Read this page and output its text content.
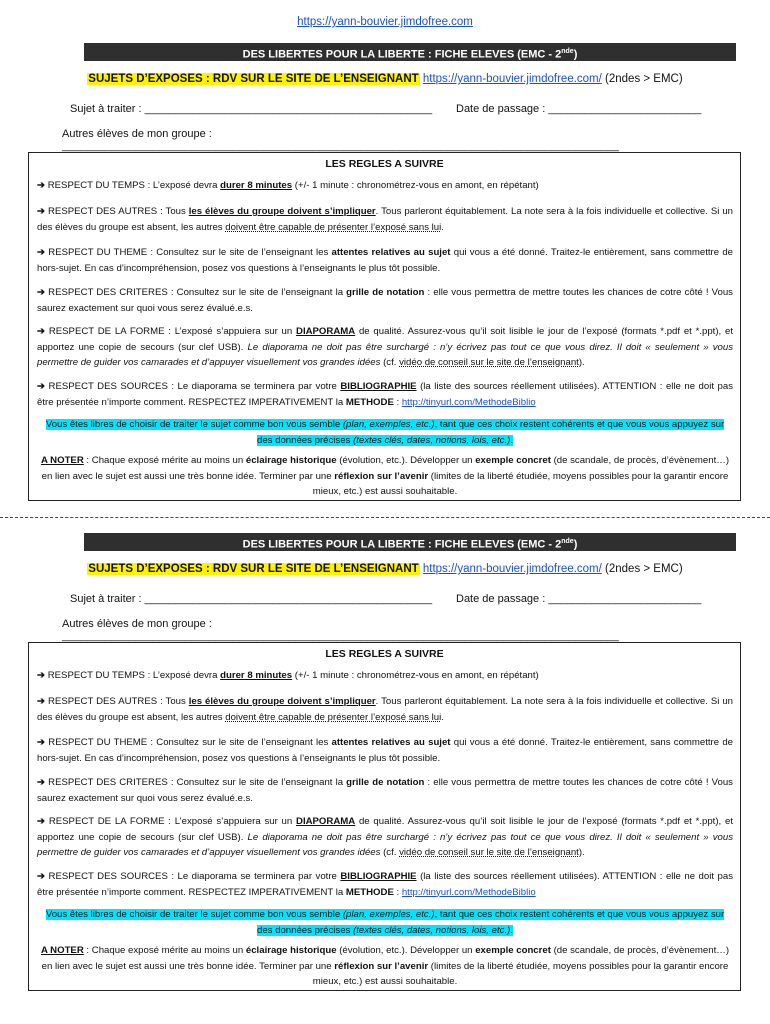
https://yann-bouvier.jimdofree.com
DES LIBERTES POUR LA LIBERTE : FICHE ELEVES (EMC - 2nde)
SUJETS D’EXPOSES : RDV SUR LE SITE DE L’ENSEIGNANT https://yann-bouvier.jimdofree.com/ (2ndes > EMC)
Sujet à traiter : _______________________________________________ Date de passage : _________________________
Autres élèves de mon groupe : ___________________________________________________________________________________________
LES REGLES A SUIVRE
➔ RESPECT DU TEMPS : L’exposé devra durer 8 minutes (+/- 1 minute : chronométrez-vous en amont, en répétant)
➔ RESPECT DES AUTRES : Tous les élèves du groupe doivent s’impliquer. Tous parleront équitablement. La note sera à la fois individuelle et collective. Si un des élèves du groupe est absent, les autres doivent être capable de présenter l’exposé sans lui.
➔ RESPECT DU THEME : Consultez sur le site de l’enseignant les attentes relatives au sujet qui vous a été donné. Traitez-le entièrement, sans commettre de hors-sujet. En cas d’incompréhension, posez vos questions à l’enseignants le plus tôt possible.
➔ RESPECT DES CRITERES : Consultez sur le site de l’enseignant la grille de notation : elle vous permettra de mettre toutes les chances de cotre côté ! Vous saurez exactement sur quoi vous serez évalué.e.s.
➔ RESPECT DE LA FORME : L’exposé s’appuiera sur un DIAPORAMA de qualité. Assurez-vous qu’il soit lisible le jour de l’exposé (formats *.pdf et *.ppt), et apportez une copie de secours (sur clef USB). Le diaporama ne doit pas être surchargé : n’y écrivez pas tout ce que vous direz. Il doit « seulement » vous permettre de guider vos camarades et d’appuyer visuellement vos grandes idées (cf. vidéo de conseil sur le site de l’enseignant).
➔ RESPECT DES SOURCES : Le diaporama se terminera par votre BIBLIOGRAPHIE (la liste des sources réellement utilisées). ATTENTION : elle ne doit pas être présentée n’importe comment. RESPECTEZ IMPERATIVEMENT la METHODE : http://tinyurl.com/MethodeBiblio
Vous êtes libres de choisir de traiter le sujet comme bon vous semble (plan, exemples, etc.), tant que ces choix restent cohérents et que vous vous appuyez sur des données précises (textes clés, dates, notions, lois, etc.).
A NOTER : Chaque exposé mérite au moins un éclairage historique (évolution, etc.). Développer un exemple concret (de scandale, de procès, d’évènement…) en lien avec le sujet est aussi une très bonne idée. Terminer par une réflexion sur l’avenir (limites de la liberté étudiée, moyens possibles pour la garantir encore mieux, etc.) est aussi souhaitable.
DES LIBERTES POUR LA LIBERTE : FICHE ELEVES (EMC - 2nde)
SUJETS D’EXPOSES : RDV SUR LE SITE DE L’ENSEIGNANT https://yann-bouvier.jimdofree.com/ (2ndes > EMC)
Sujet à traiter : _______________________________________________ Date de passage : _________________________
Autres élèves de mon groupe : ___________________________________________________________________________________________
LES REGLES A SUIVRE
➔ RESPECT DU TEMPS : L’exposé devra durer 8 minutes (+/- 1 minute : chronométrez-vous en amont, en répétant)
➔ RESPECT DES AUTRES : Tous les élèves du groupe doivent s’impliquer. Tous parleront équitablement. La note sera à la fois individuelle et collective. Si un des élèves du groupe est absent, les autres doivent être capable de présenter l’exposé sans lui.
➔ RESPECT DU THEME : Consultez sur le site de l’enseignant les attentes relatives au sujet qui vous a été donné. Traitez-le entièrement, sans commettre de hors-sujet. En cas d’incompréhension, posez vos questions à l’enseignants le plus tôt possible.
➔ RESPECT DES CRITERES : Consultez sur le site de l’enseignant la grille de notation : elle vous permettra de mettre toutes les chances de cotre côté ! Vous saurez exactement sur quoi vous serez évalué.e.s.
➔ RESPECT DE LA FORME : L’exposé s’appuiera sur un DIAPORAMA de qualité. Assurez-vous qu’il soit lisible le jour de l’exposé (formats *.pdf et *.ppt), et apportez une copie de secours (sur clef USB). Le diaporama ne doit pas être surchargé : n’y écrivez pas tout ce que vous direz. Il doit « seulement » vous permettre de guider vos camarades et d’appuyer visuellement vos grandes idées (cf. vidéo de conseil sur le site de l’enseignant).
➔ RESPECT DES SOURCES : Le diaporama se terminera par votre BIBLIOGRAPHIE (la liste des sources réellement utilisées). ATTENTION : elle ne doit pas être présentée n’importe comment. RESPECTEZ IMPERATIVEMENT la METHODE : http://tinyurl.com/MethodeBiblio
Vous êtes libres de choisir de traiter le sujet comme bon vous semble (plan, exemples, etc.), tant que ces choix restent cohérents et que vous vous appuyez sur des données précises (textes clés, dates, notions, lois, etc.).
A NOTER : Chaque exposé mérite au moins un éclairage historique (évolution, etc.). Développer un exemple concret (de scandale, de procès, d’évènement…) en lien avec le sujet est aussi une très bonne idée. Terminer par une réflexion sur l’avenir (limites de la liberté étudiée, moyens possibles pour la garantir encore mieux, etc.) est aussi souhaitable.
